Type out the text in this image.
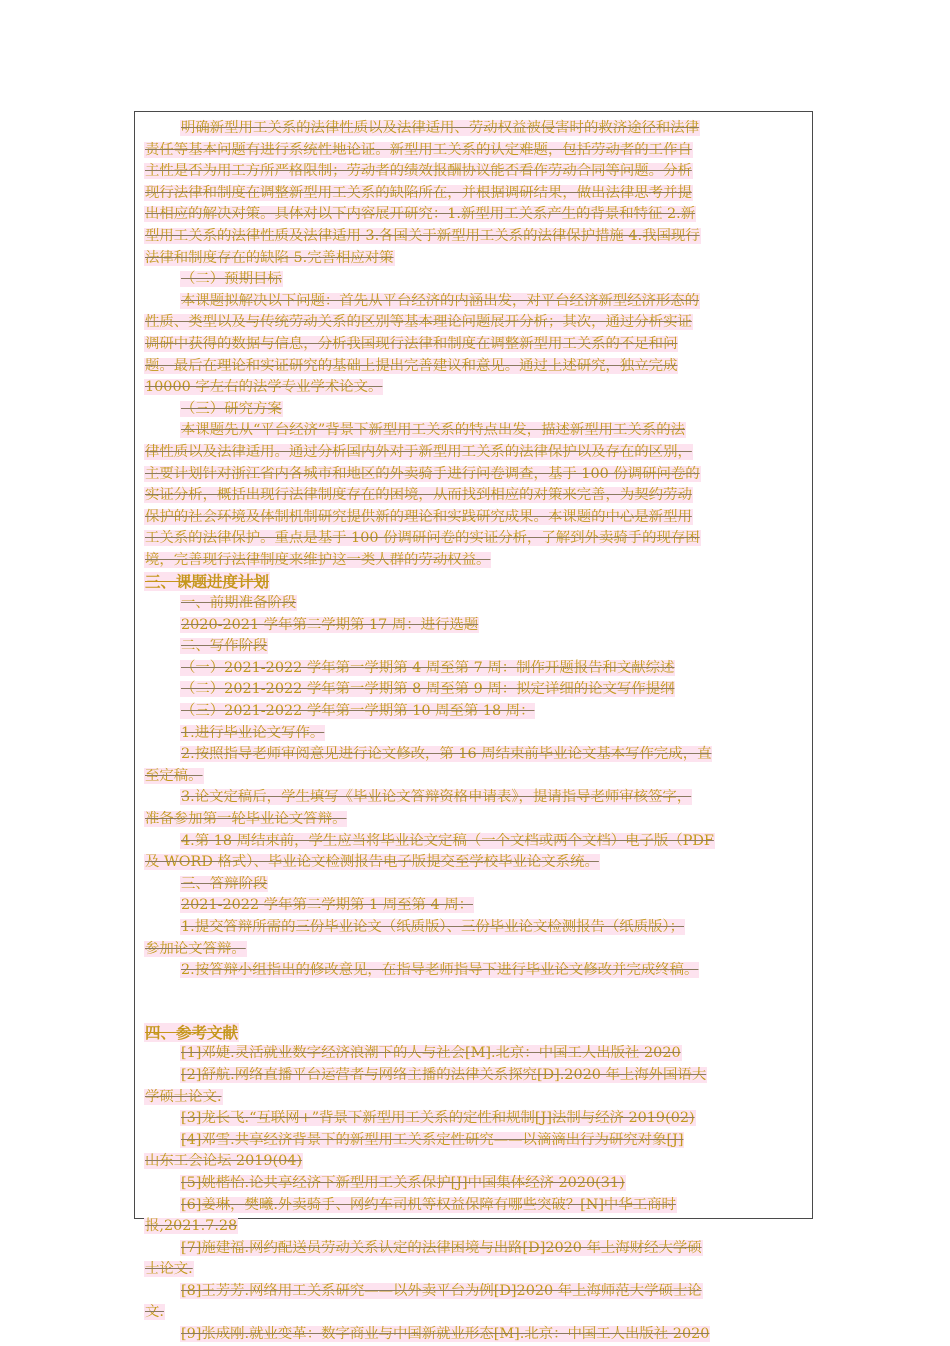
明确新型用工关系的法律性质以及法律适用、劳动权益被侵害时的救济途径和法律
责任等基本问题有进行系统性地论证。新型用工关系的认定难题，包括劳动者的工作自
主性是否为用工方所严格限制；劳动者的绩效报酬协议能否看作劳动合同等问题。分析
现行法律和制度在调整新型用工关系的缺陷所在，并根据调研结果，做出法律思考并提
出相应的解决对策。具体对以下内容展开研究：1.新型用工关系产生的背景和特征 2.新
型用工关系的法律性质及法律适用 3.各国关于新型用工关系的法律保护措施 4.我国现行
法律和制度存在的缺陷 5.完善相应对策
（二）预期目标
本课题拟解决以下问题：首先从平台经济的内涵出发，对平台经济新型经济形态的
性质、类型以及与传统劳动关系的区别等基本理论问题展开分析；其次，通过分析实证
调研中获得的数据与信息，分析我国现行法律和制度在调整新型用工关系的不足和问
题。最后在理论和实证研究的基础上提出完善建议和意见。通过上述研究，独立完成
10000 字左右的法学专业学术论文。
（三）研究方案
本课题先从“平台经济”背景下新型用工关系的特点出发，描述新型用工关系的法
律性质以及法律适用。通过分析国内外对于新型用工关系的法律保护以及存在的区别，
主要计划针对浙江省内各城市和地区的外卖骑手进行问卷调查，基于 100 份调研问卷的
实证分析，概括出现行法律制度存在的困境，从而找到相应的对策来完善，为契约劳动
保护的社会环境及体制机制研究提供新的理论和实践研究成果。本课题的中心是新型用
工关系的法律保护。重点是基于 100 份调研问卷的实证分析，了解到外卖骑手的现存困
境，完善现行法律制度来维护这一类人群的劳动权益。
三、课题进度计划
一、前期准备阶段
2020-2021 学年第二学期第 17 周：进行选题
二、写作阶段
（一）2021-2022 学年第一学期第 4 周至第 7 周：制作开题报告和文献综述
（二）2021-2022 学年第一学期第 8 周至第 9 周：拟定详细的论文写作提纲
（三）2021-2022 学年第一学期第 10 周至第 18 周：
1.进行毕业论文写作。
2.按照指导老师审阅意见进行论文修改，第 16 周结束前毕业论文基本写作完成，直
至定稿。
3.论文定稿后，学生填写《毕业论文答辩资格申请表》，提请指导老师审核签字，
准备参加第一轮毕业论文答辩。
4.第 18 周结束前，学生应当将毕业论文定稿（一个文档或两个文档）电子版（PDF
及 WORD 格式）、毕业论文检测报告电子版提交至学校毕业论文系统。
三、答辩阶段
2021-2022 学年第二学期第 1 周至第 4 周：
1.提交答辩所需的三份毕业论文（纸质版）、三份毕业论文检测报告（纸质版）；
参加论文答辩。
2.按答辩小组指出的修改意见，在指导老师指导下进行毕业论文修改并完成终稿。
四、参考文献
[1]邓婕.灵活就业数字经济浪潮下的人与社会[M].北京：中国工人出版社 2020
[2]舒航.网络直播平台运营者与网络主播的法律关系探究[D].2020 年上海外国语大
学硕士论文.
[3]龙长飞.“互联网+”背景下新型用工关系的定性和规制[J]法制与经济 2019(02)
[4]邓雪.共享经济背景下的新型用工关系定性研究——以滴滴出行为研究对象[J]
山东工会论坛 2019(04)
[5]姚楷怡.论共享经济下新型用工关系保护[J]中国集体经济 2020(31)
[6]姜琳，樊曦.外卖骑手、网约车司机等权益保障有哪些突破？[N]中华工商时
报,2021.7.28
[7]施建福.网约配送员劳动关系认定的法律困境与出路[D]2020 年上海财经大学硕
士论文.
[8]王芳芳.网络用工关系研究——以外卖平台为例[D]2020 年上海师范大学硕士论
文.
[9]张成刚.就业变革：数字商业与中国新就业形态[M].北京：中国工人出版社 2020
